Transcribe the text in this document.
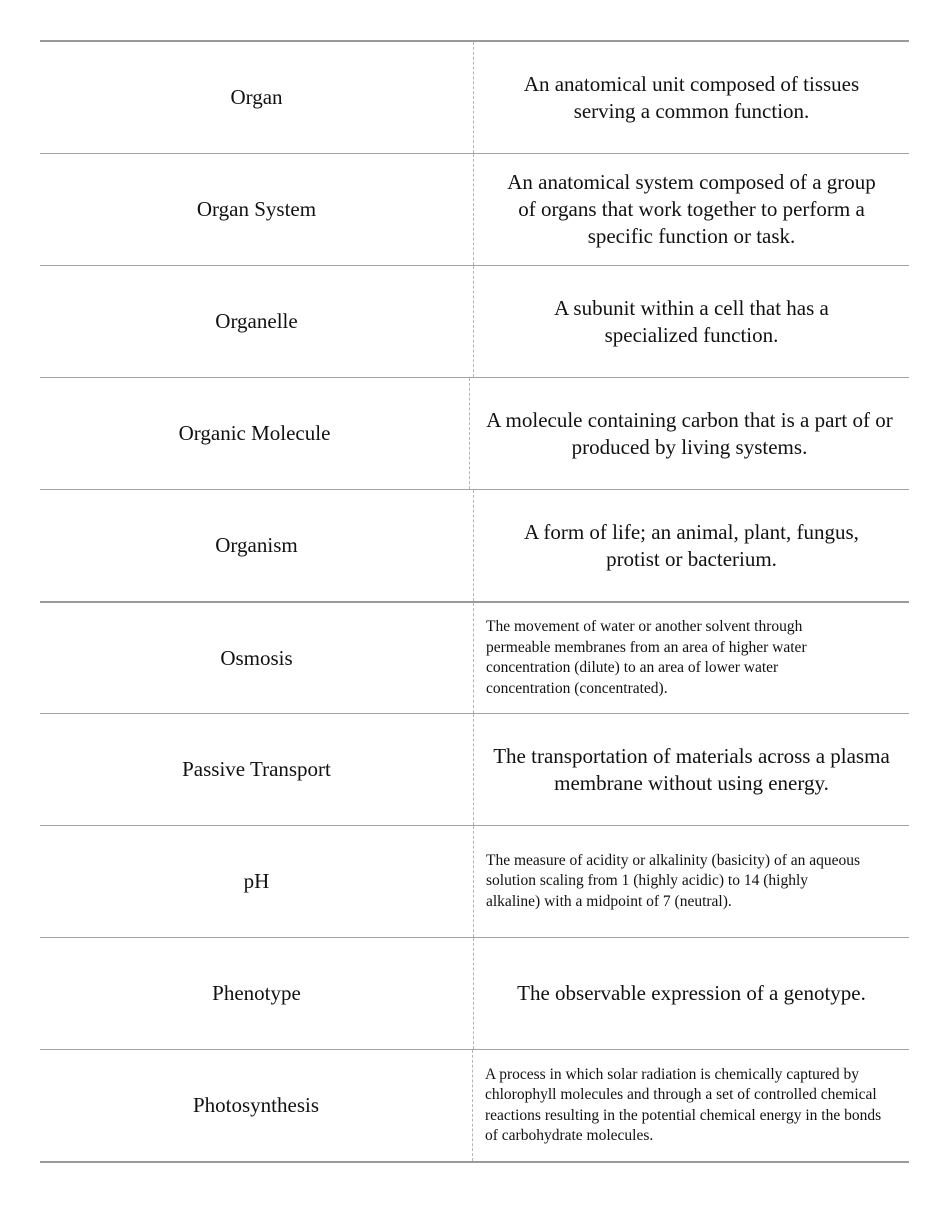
Organ
An anatomical unit composed of tissues serving a common function.
Organ System
An anatomical system composed of a group of organs that work together to perform a specific function or task.
Organelle
A subunit within a cell that has a specialized function.
Organic Molecule
A molecule containing carbon that is a part of or produced by living systems.
Organism
A form of life; an animal, plant, fungus, protist or bacterium.
Osmosis
The movement of water or another solvent through permeable membranes from an area of higher water concentration (dilute) to an area of lower water concentration (concentrated).
Passive Transport
The transportation of materials across a plasma membrane without using energy.
pH
The measure of acidity or alkalinity (basicity) of an aqueous solution scaling from 1 (highly acidic) to 14 (highly alkaline) with a midpoint of 7 (neutral).
Phenotype	The observable expression of a genotype.
Photosynthesis
A process in which solar radiation is chemically captured by chlorophyll molecules and through a set of controlled chemical reactions resulting in the potential chemical energy in the bonds of carbohydrate molecules.
